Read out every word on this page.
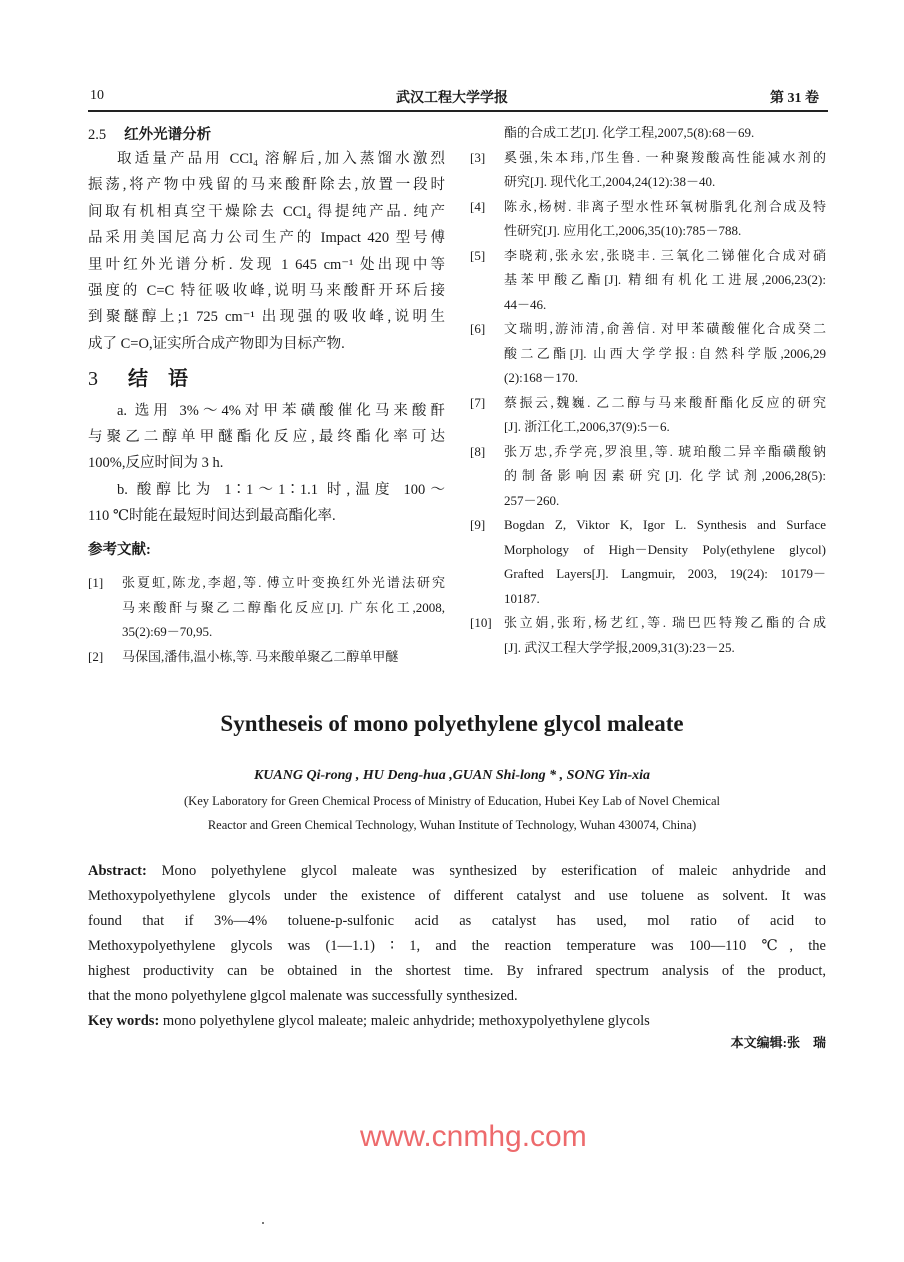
10	武汉工程大学学报	第 31 卷
2.5 红外光谱分析
取适量产品用 CCl₄ 溶解后,加入蒸馏水激烈
振荡,将产物中残留的马来酸酐除去,放置一段时
间取有机相真空干燥除去 CCl₄ 得提纯产品. 纯产
品采用美国尼高力公司生产的 Impact 420 型号傅
里叶红外光谱分析. 发现 1 645 cm⁻¹ 处出现中等
强度的 C=C 特征吸收峰,说明马来酸酐开环后接
到聚醚醇上;1 725 cm⁻¹ 出现强的吸收峰,说明生
成了 C=O,证实所合成产物即为目标产物.
3 结语
a. 选用 3%～4%对甲苯磺酸催化马来酸酐
与聚乙二醇单甲醚酯化反应,最终酯化率可达
100%,反应时间为 3 h.
b. 酸醇比为 1∶1～1∶1.1 时,温度 100～
110 ℃时能在最短时间达到最高酯化率.
参考文献:
[1] 张夏虹,陈龙,李超,等. 傅立叶变换红外光谱法研究
马来酸酐与聚乙二醇酯化反应[J]. 广东化工,2008,
35(2):69－70,95.
[2] 马保国,潘伟,温小栋,等. 马来酸单聚乙二醇单甲醚
酯的合成工艺[J]. 化学工程,2007,5(8):68－69.
[3] 奚强,朱本玮,邝生鲁. 一种聚羧酸高性能减水剂的
研究[J]. 现代化工,2004,24(12):38－40.
[4] 陈永,杨树. 非离子型水性环氧树脂乳化剂合成及特
性研究[J]. 应用化工,2006,35(10):785－788.
[5] 李晓莉,张永宏,张晓丰. 三氧化二锑催化合成对硝
基苯甲酸乙酯[J]. 精细有机化工进展,2006,23(2):
44－46.
[6] 文瑞明,游沛清,俞善信. 对甲苯磺酸催化合成癸二
酸二乙酯[J]. 山西大学学报:自然科学版,2006,29
(2):168－170.
[7] 蔡振云,魏巍. 乙二醇与马来酸酐酯化反应的研究
[J]. 浙江化工,2006,37(9):5－6.
[8] 张万忠,乔学亮,罗浪里,等. 琥珀酸二异辛酯磺酸钠
的制备影响因素研究[J]. 化学试剂,2006,28(5):
257－260.
[9] Bogdan Z, Viktor K, Igor L. Synthesis and Surface
Morphology of High－Density Poly(ethylene glycol)
Grafted Layers[J]. Langmuir, 2003, 19(24): 10179－
10187.
[10] 张立娟,张珩,杨艺红,等. 瑞巴匹特羧乙酯的合成
[J]. 武汉工程大学学报,2009,31(3):23－25.
Syntheseis of mono polyethylene glycol maleate
KUANG Qi-rong , HU Deng-hua ,GUAN Shi-long * , SONG Yin-xia
(Key Laboratory for Green Chemical Process of Ministry of Education, Hubei Key Lab of Novel Chemical
Reactor and Green Chemical Technology, Wuhan Institute of Technology, Wuhan 430074, China)
Abstract: Mono polyethylene glycol maleate was synthesized by esterification of maleic anhydride and
Methoxypolyethylene glycols under the existence of different catalyst and use toluene as solvent. It was
found that if 3%—4% toluene-p-sulfonic acid as catalyst has used, mol ratio of acid to
Methoxypolyethylene glycols was (1—1.1) ∶ 1, and the reaction temperature was 100—110 ℃, the
highest productivity can be obtained in the shortest time. By infrared spectrum analysis of the product,
that the mono polyethylene glgcol malenate was successfully synthesized.
Key words: mono polyethylene glycol maleate; maleic anhydride; methoxypolyethylene glycols
本文编辑:张　瑞
www.cnmhg.com
